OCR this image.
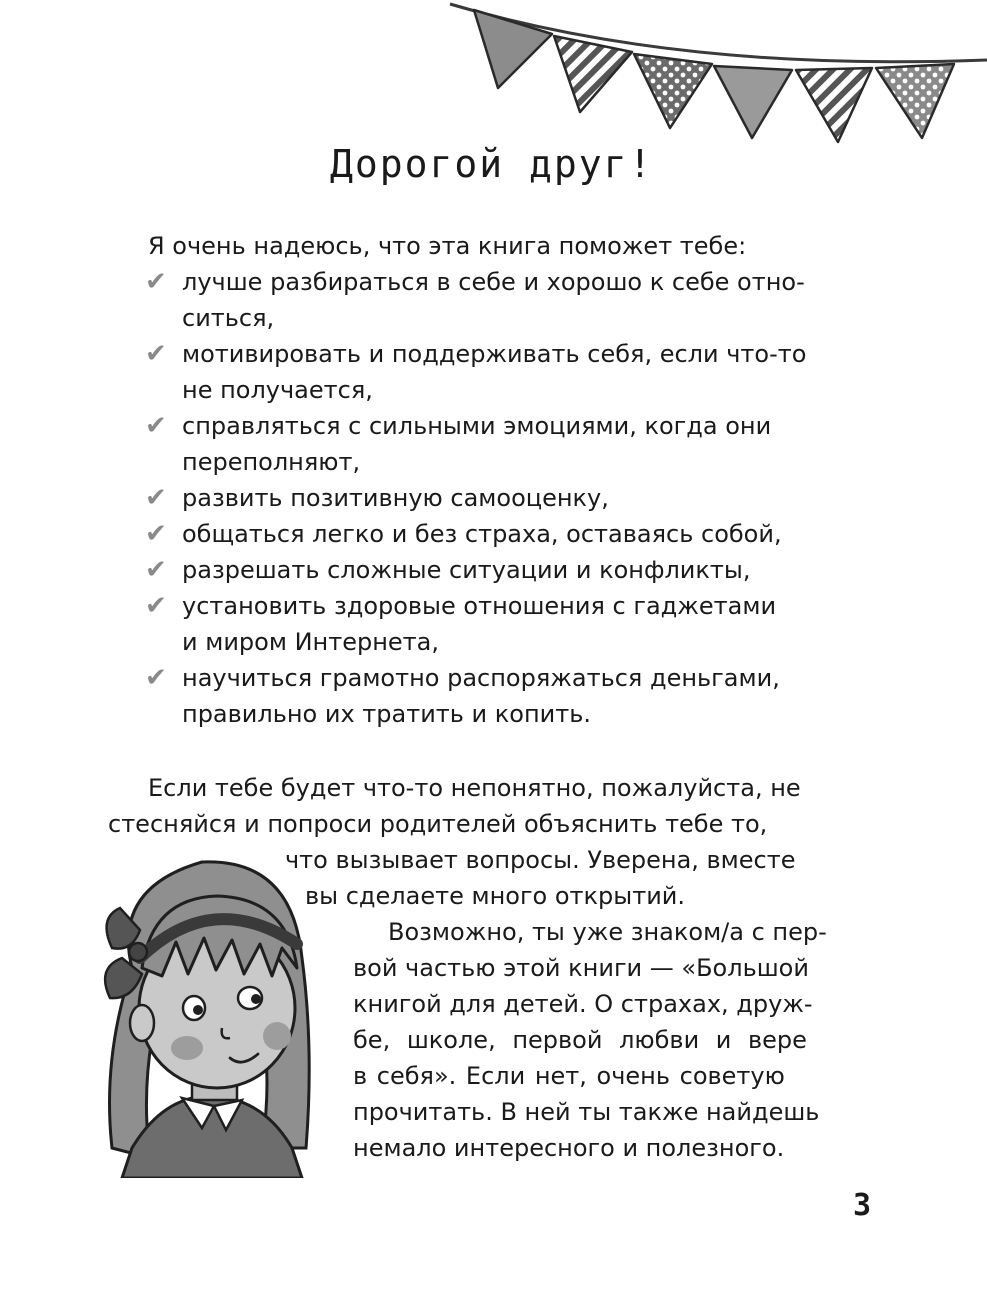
Дорогой друг!

Я очень надеюсь, что эта книга поможет тебе:

✔ лучше разбираться в себе и хорошо к себе отно-
ситься,
✔ мотивировать и поддерживать себя, если что-то
не получается,
✔ справляться с сильными эмоциями, когда они
переполняют,
✔ развить позитивную самооценку,
✔ общаться легко и без страха, оставаясь собой,
✔ разрешать сложные ситуации и конфликты,
✔ установить здоровые отношения с гаджетами
и миром Интернета,
✔ научиться грамотно распоряжаться деньгами,
правильно их тратить и копить.
Если тебе будет что-то непонятно, пожалуйста, не
стесняйся и попроси родителей объяснить тебе то,
что вызывает вопросы. Уверена, вместе
вы сделаете много открытий.
Возможно, ты уже знаком/а с пер-
вой частью этой книги — «Большой
книгой для детей. О страхах, друж-
бе, школе, первой любви и вере
в себя». Если нет, очень советую
прочитать. В ней ты также найдешь
немало интересного и полезного.
3
